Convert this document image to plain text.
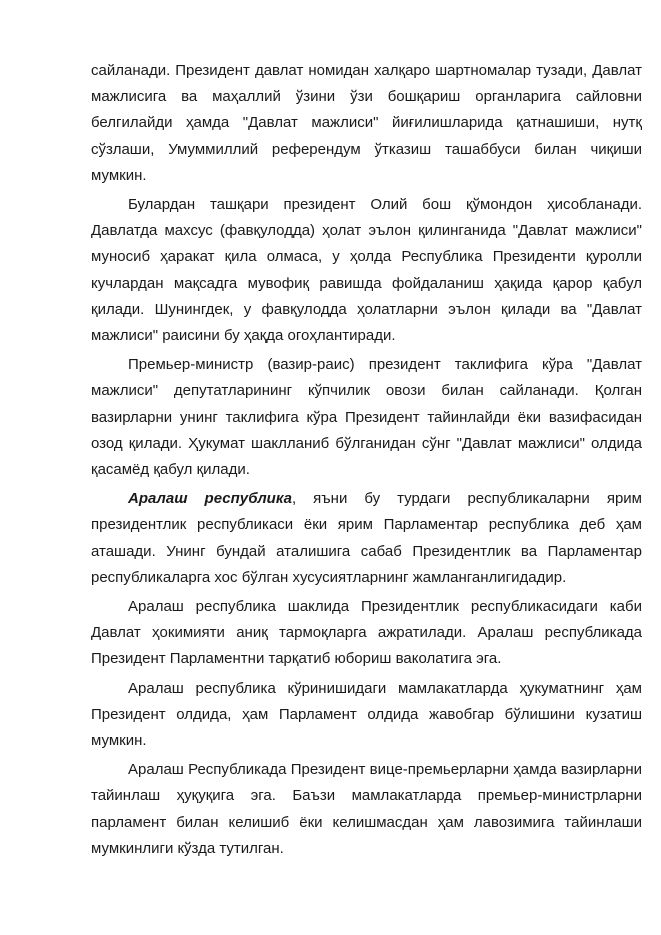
сайланади. Президент давлат номидан халқаро шартномалар тузади, Давлат мажлисига ва маҳаллий ўзини ўзи бошқариш органларига сайловни белгилайди ҳамда "Давлат мажлиси" йиғилишларида қатнашиши, нутқ сўзлаши, Умуммиллий референдум ўтказиш ташаббуси билан чиқиши мумкин.

Булардан ташқари президент Олий бош қўмондон ҳисобланади. Давлатда махсус (фавқулодда) ҳолат эълон қилинганида "Давлат мажлиси" муносиб ҳаракат қила олмаса, у ҳолда Республика Президенти қуролли кучлардан мақсадга мувофиқ равишда фойдаланиш ҳақида қарор қабул қилади. Шунингдек, у фавқулодда ҳолатларни эълон қилади ва "Давлат мажлиси" раисини бу ҳақда огоҳлантиради.

Премьер-министр (вазир-раис) президент таклифига кўра "Давлат мажлиси" депутатларининг кўпчилик овози билан сайланади. Қолган вазирларни унинг таклифига кўра Президент тайинлайди ёки вазифасидан озод қилади. Ҳукумат шаклланиб бўлганидан сўнг "Давлат мажлиси" олдида қасамёд қабул қилади.

Аралаш республика, яъни бу турдаги республикаларни ярим президентлик республикаси ёки ярим Парламентар республика деб ҳам аташади. Унинг бундай аталишига сабаб Президентлик ва Парламентар республикаларга хос бўлган хусусиятларнинг жамланганлигидадир.

Аралаш республика шаклида Президентлик республикасидаги каби Давлат ҳокимияти аниқ тармоқларга ажратилади. Аралаш республикада Президент Парламентни тарқатиб юбориш ваколатига эга.

Аралаш республика кўринишидаги мамлакатларда ҳукуматнинг ҳам Президент олдида, ҳам Парламент олдида жавобгар бўлишини кузатиш мумкин.

Аралаш Республикада Президент вице-премьерларни ҳамда вазирларни тайинлаш ҳуқуқига эга. Баъзи мамлакатларда премьер-министрларни парламент билан келишиб ёки келишмасдан ҳам лавозимига тайинлаши мумкинлиги кўзда тутилган.
